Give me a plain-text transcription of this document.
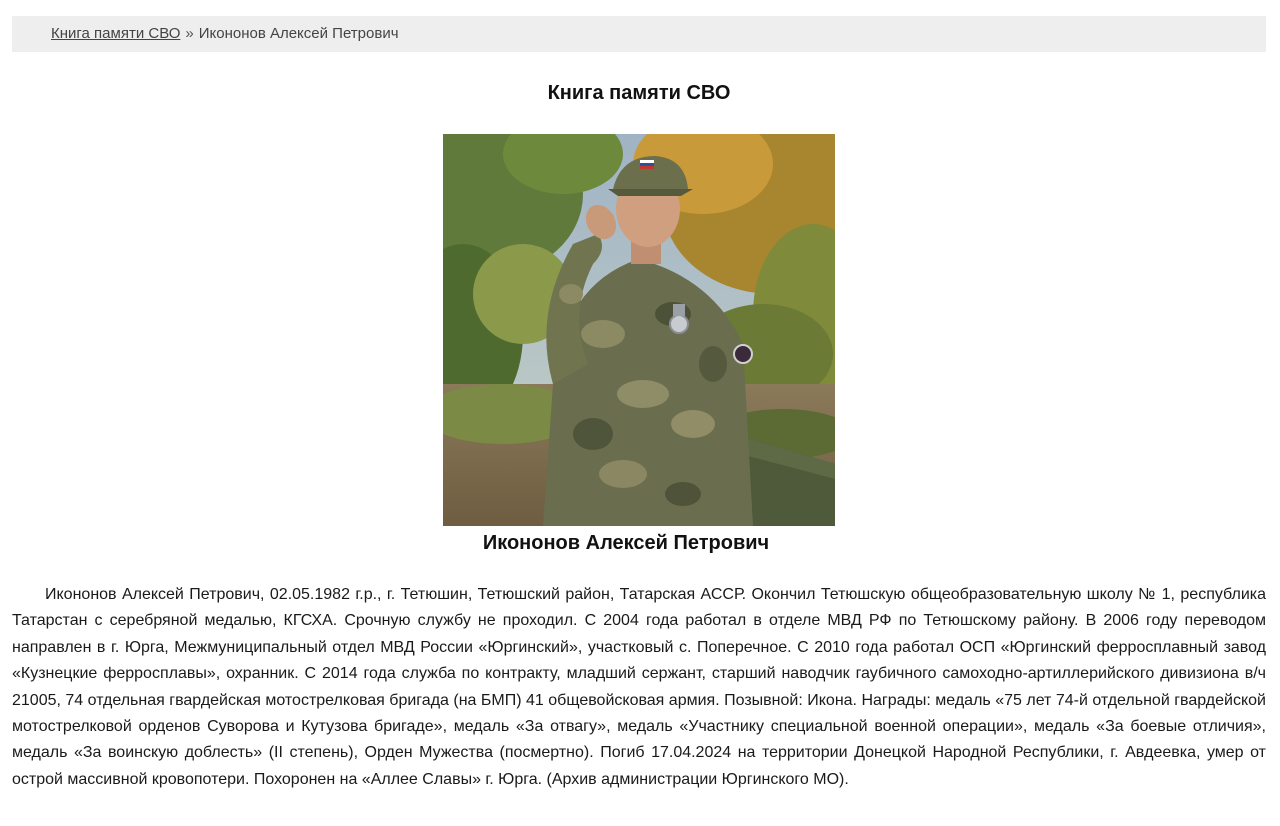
Книга памяти СВО » Икононов Алексей Петрович
Книга памяти СВО
Икононов Алексей Петрович

Икононов Алексей Петрович, 02.05.1982 г.р., г. Тетюшин, Тетюшский район, Татарская АССР. Окончил Тетюшскую общеобразовательную школу № 1, республика Татарстан с серебряной медалью, КГСХА. Срочную службу не проходил. С 2004 года работал в отделе МВД РФ по Тетюшскому району. В 2006 году переводом направлен в г. Юрга, Межмуниципальный отдел МВД России «Юргинский», участковый с. Поперечное. С 2010 года работал ОСП «Юргинский ферросплавный завод «Кузнецкие ферросплавы», охранник. С 2014 года служба по контракту, младший сержант, старший наводчик гаубичного самоходно-артиллерийского дивизиона в/ч 21005, 74 отдельная гвардейская мотострелковая бригада (на БМП) 41 общевойсковая армия. Позывной: Икона. Награды: медаль «75 лет 74-й отдельной гвардейской мотострелковой орденов Суворова и Кутузова бригаде», медаль «За отвагу», медаль «Участнику специальной военной операции», медаль «За боевые отличия», медаль «За воинскую доблесть» (II степень), Орден Мужества (посмертно). Погиб 17.04.2024 на территории Донецкой Народной Республики, г. Авдеевка, умер от острой массивной кровопотери. Похоронен на «Аллее Славы» г. Юрга. (Архив администрации Юргинского МО).
